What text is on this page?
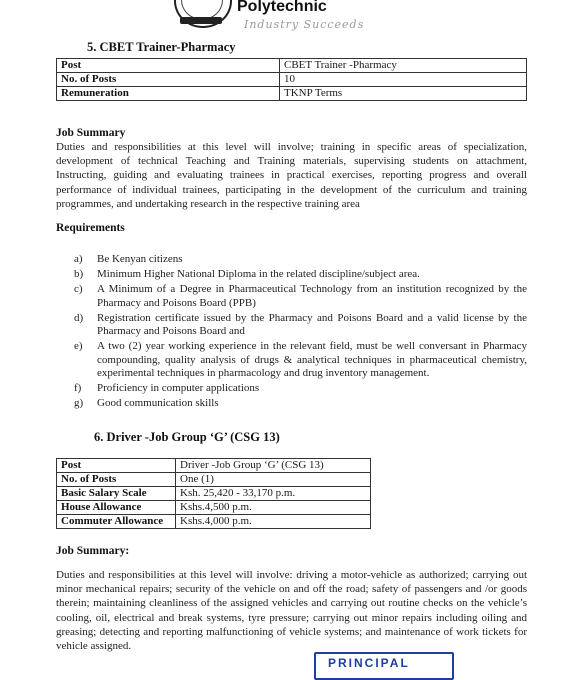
Polytechnic
Industry Succeeds
5. CBET Trainer-Pharmacy
Post	CBET Trainer -Pharmacy
No. of Posts	10
Remuneration	TKNP Terms
Job Summary
Duties and responsibilities at this level will involve; training in specific areas of specialization, development of technical Teaching and Training materials, supervising students on attachment, Instructing, guiding and evaluating trainees in practical exercises, reporting progress and overall performance of individual trainees, participating in the development of the curriculum and training programmes, and undertaking research in the respective training area
Requirements
a) Be Kenyan citizens
b) Minimum Higher National Diploma in the related discipline/subject area.
c) A Minimum of a Degree in Pharmaceutical Technology from an institution recognized by the Pharmacy and Poisons Board (PPB)
d) Registration certificate issued by the Pharmacy and Poisons Board and a valid license by the Pharmacy and Poisons Board and
e) A two (2) year working experience in the relevant field, must be well conversant in Pharmacy compounding, quality analysis of drugs & analytical techniques in pharmaceutical chemistry, experimental techniques in pharmacology and drug inventory management.
f) Proficiency in computer applications
g) Good communication skills
6. Driver -Job Group ‘G’ (CSG 13)
Post	Driver -Job Group ‘G’ (CSG 13)
No. of Posts	One (1)
Basic Salary Scale	Ksh. 25,420 - 33,170 p.m.
House Allowance	Kshs.4,500 p.m.
Commuter Allowance	Kshs.4,000 p.m.
Job Summary:
Duties and responsibilities at this level will involve: driving a motor-vehicle as authorized; carrying out minor mechanical repairs; security of the vehicle on and off the road; safety of passengers and /or goods therein; maintaining cleanliness of the assigned vehicles and carrying out routine checks on the vehicle’s cooling, oil, electrical and break systems, tyre pressure; carrying out minor repairs including oiling and greasing; detecting and reporting malfunctioning of vehicle systems; and maintenance of work tickets for vehicle assigned.
PRINCIPAL
